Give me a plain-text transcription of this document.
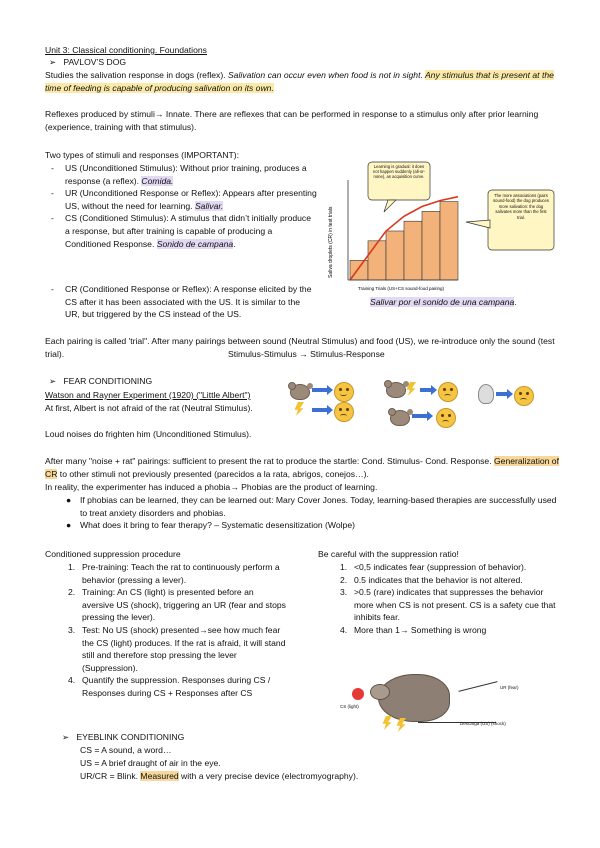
Unit 3: Classical conditioning. Foundations
➢ PAVLOV’S DOG
Studies the salivation response in dogs (reflex). Salivation can occur even when food is not in sight. Any stimulus that is present at the time of feeding is capable of producing salivation on its own.
Reflexes produced by stimuli→ Innate. There are reflexes that can be performed in response to a stimulus only after prior learning (experience, training with that stimulus).
Two types of stimuli and responses (IMPORTANT):
- US (Unconditioned Stimulus): Without prior training, produces a response (a reflex). Comida.
- UR (Unconditioned Response or Reflex): Appears after presenting US, without the need for learning. Salivar.
- CS (Conditioned Stimulus): A stimulus that didn’t initially produce a response, but after training is capable of producing a Conditioned Response. Sonido de campana.
- CR (Conditioned Response or Reflex): A response elicited by the CS after it has been associated with the US. It is similar to the UR, but triggered by the CS instead of the US.
Saliva droplets (CR) in test trials
Training Trials (US+CS sound-food pairing)
Learning is gradual: it does not happen suddenly (all-or-none), as acquisition curve.
The more associations (pairs sound-food) the dog produces more salivation: the dog salivates more than the first trial.
Salivar por el sonido de una campana.
Each pairing is called 'trial". After many pairings between sound (Neutral Stimulus) and food (US), we re-introduce only the sound (test trial).	Stimulus-Stimulus → Stimulus-Response
➢ FEAR CONDITIONING
Watson and Rayner Experiment (1920) ("Little Albert")
At first, Albert is not afraid of the rat (Neutral Stimulus).
Loud noises do frighten him (Unconditioned Stimulus).
After many "noise + rat" pairings: sufficient to present the rat to produce the startle: Cond. Stimulus- Cond. Response. Generalization of CR to other stimuli not previously presented (parecidos a la rata, abrigos, conejos…).
In reality, the experimenter has induced a phobia→ Phobias are the product of learning.
● If phobias can be learned, they can be learned out: Mary Cover Jones. Today, learning-based therapies are successfully used to treat anxiety disorders and phobias.
● What does it bring to fear therapy? – Systematic desensitization (Wolpe)
Conditioned suppression procedure
1. Pre-training: Teach the rat to continuously perform a behavior (pressing a lever).
2. Training: An CS (light) is presented before an aversive US (shock), triggering an UR (fear and stops pressing the lever).
3. Test: No US (shock) presented→see how much fear the CS (light) produces. If the rat is afraid, it will stand still and therefore stop pressing the lever (Suppression).
4. Quantify the suppression. Responses during CS / Responses during CS + Responses after CS
Be careful with the suppression ratio!
1. <0,5 indicates fear (suppression of behavior).
2. 0.5 indicates that the behavior is not altered.
3. >0.5 (rare) indicates that suppresses the behavior more when CS is not present. CS is a safety cue that inhibits fear.
4. More than 1→ Something is wrong
CS (light)
UR (fear)
Descarga (US) (shock)
➢ EYEBLINK CONDITIONING
CS = A sound, a word…
US = A brief draught of air in the eye.
UR/CR = Blink. Measured with a very precise device (electromyography).
